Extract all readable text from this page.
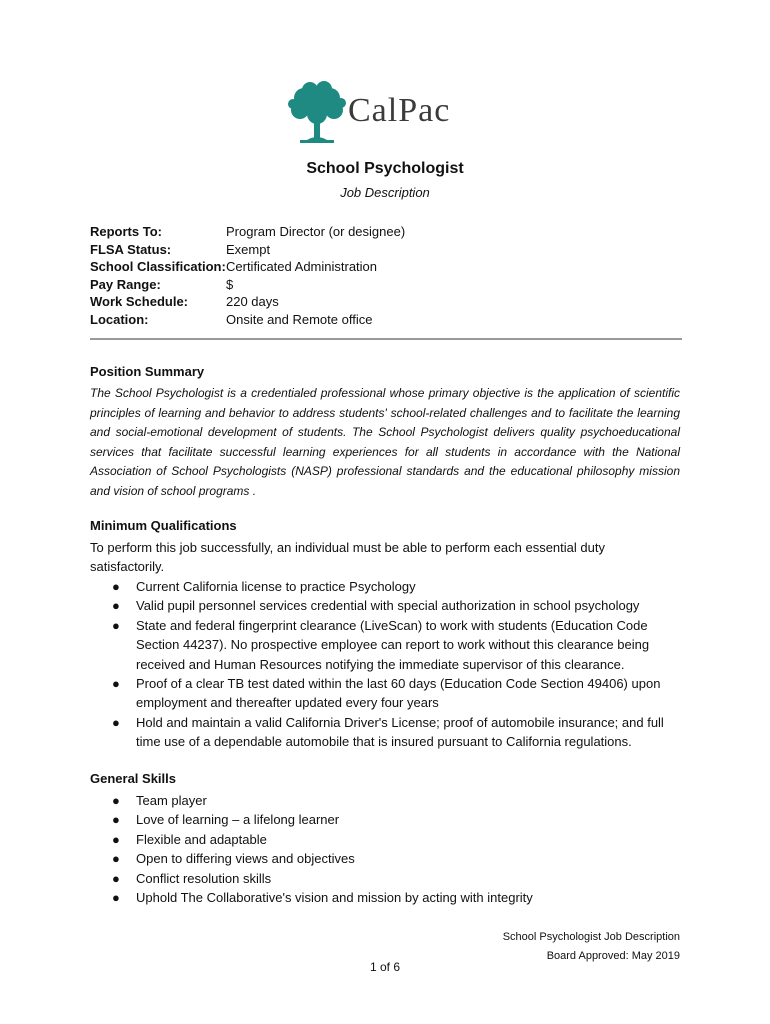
CalPac
School Psychologist
Job Description
Reports To:	Program Director (or designee)
FLSA Status:	Exempt
School Classification:Certificated Administration
Pay Range:	$
Work Schedule:	220 days
Location:	Onsite and Remote office
Position Summary
The School Psychologist is a credentialed professional whose primary objective is the application of scientific principles of learning and behavior to address students' school-related challenges and to facilitate the learning and social-emotional development of students. The School Psychologist delivers quality psychoeducational services that facilitate successful learning experiences for all students in accordance with the National Association of School Psychologists (NASP) professional standards and the educational philosophy mission and vision of school programs .
Minimum Qualifications
To perform this job successfully, an individual must be able to perform each essential duty satisfactorily.
● Current California license to practice Psychology
● Valid pupil personnel services credential with special authorization in school psychology
● State and federal fingerprint clearance (LiveScan) to work with students (Education Code Section 44237). No prospective employee can report to work without this clearance being received and Human Resources notifying the immediate supervisor of this clearance.
● Proof of a clear TB test dated within the last 60 days (Education Code Section 49406) upon employment and thereafter updated every four years
● Hold and maintain a valid California Driver's License; proof of automobile insurance; and full time use of a dependable automobile that is insured pursuant to California regulations.
General Skills
● Team player
● Love of learning – a lifelong learner
● Flexible and adaptable
● Open to differing views and objectives
● Conflict resolution skills
● Uphold The Collaborative's vision and mission by acting with integrity
School Psychologist Job Description
Board Approved: May 2019
1 of 6
